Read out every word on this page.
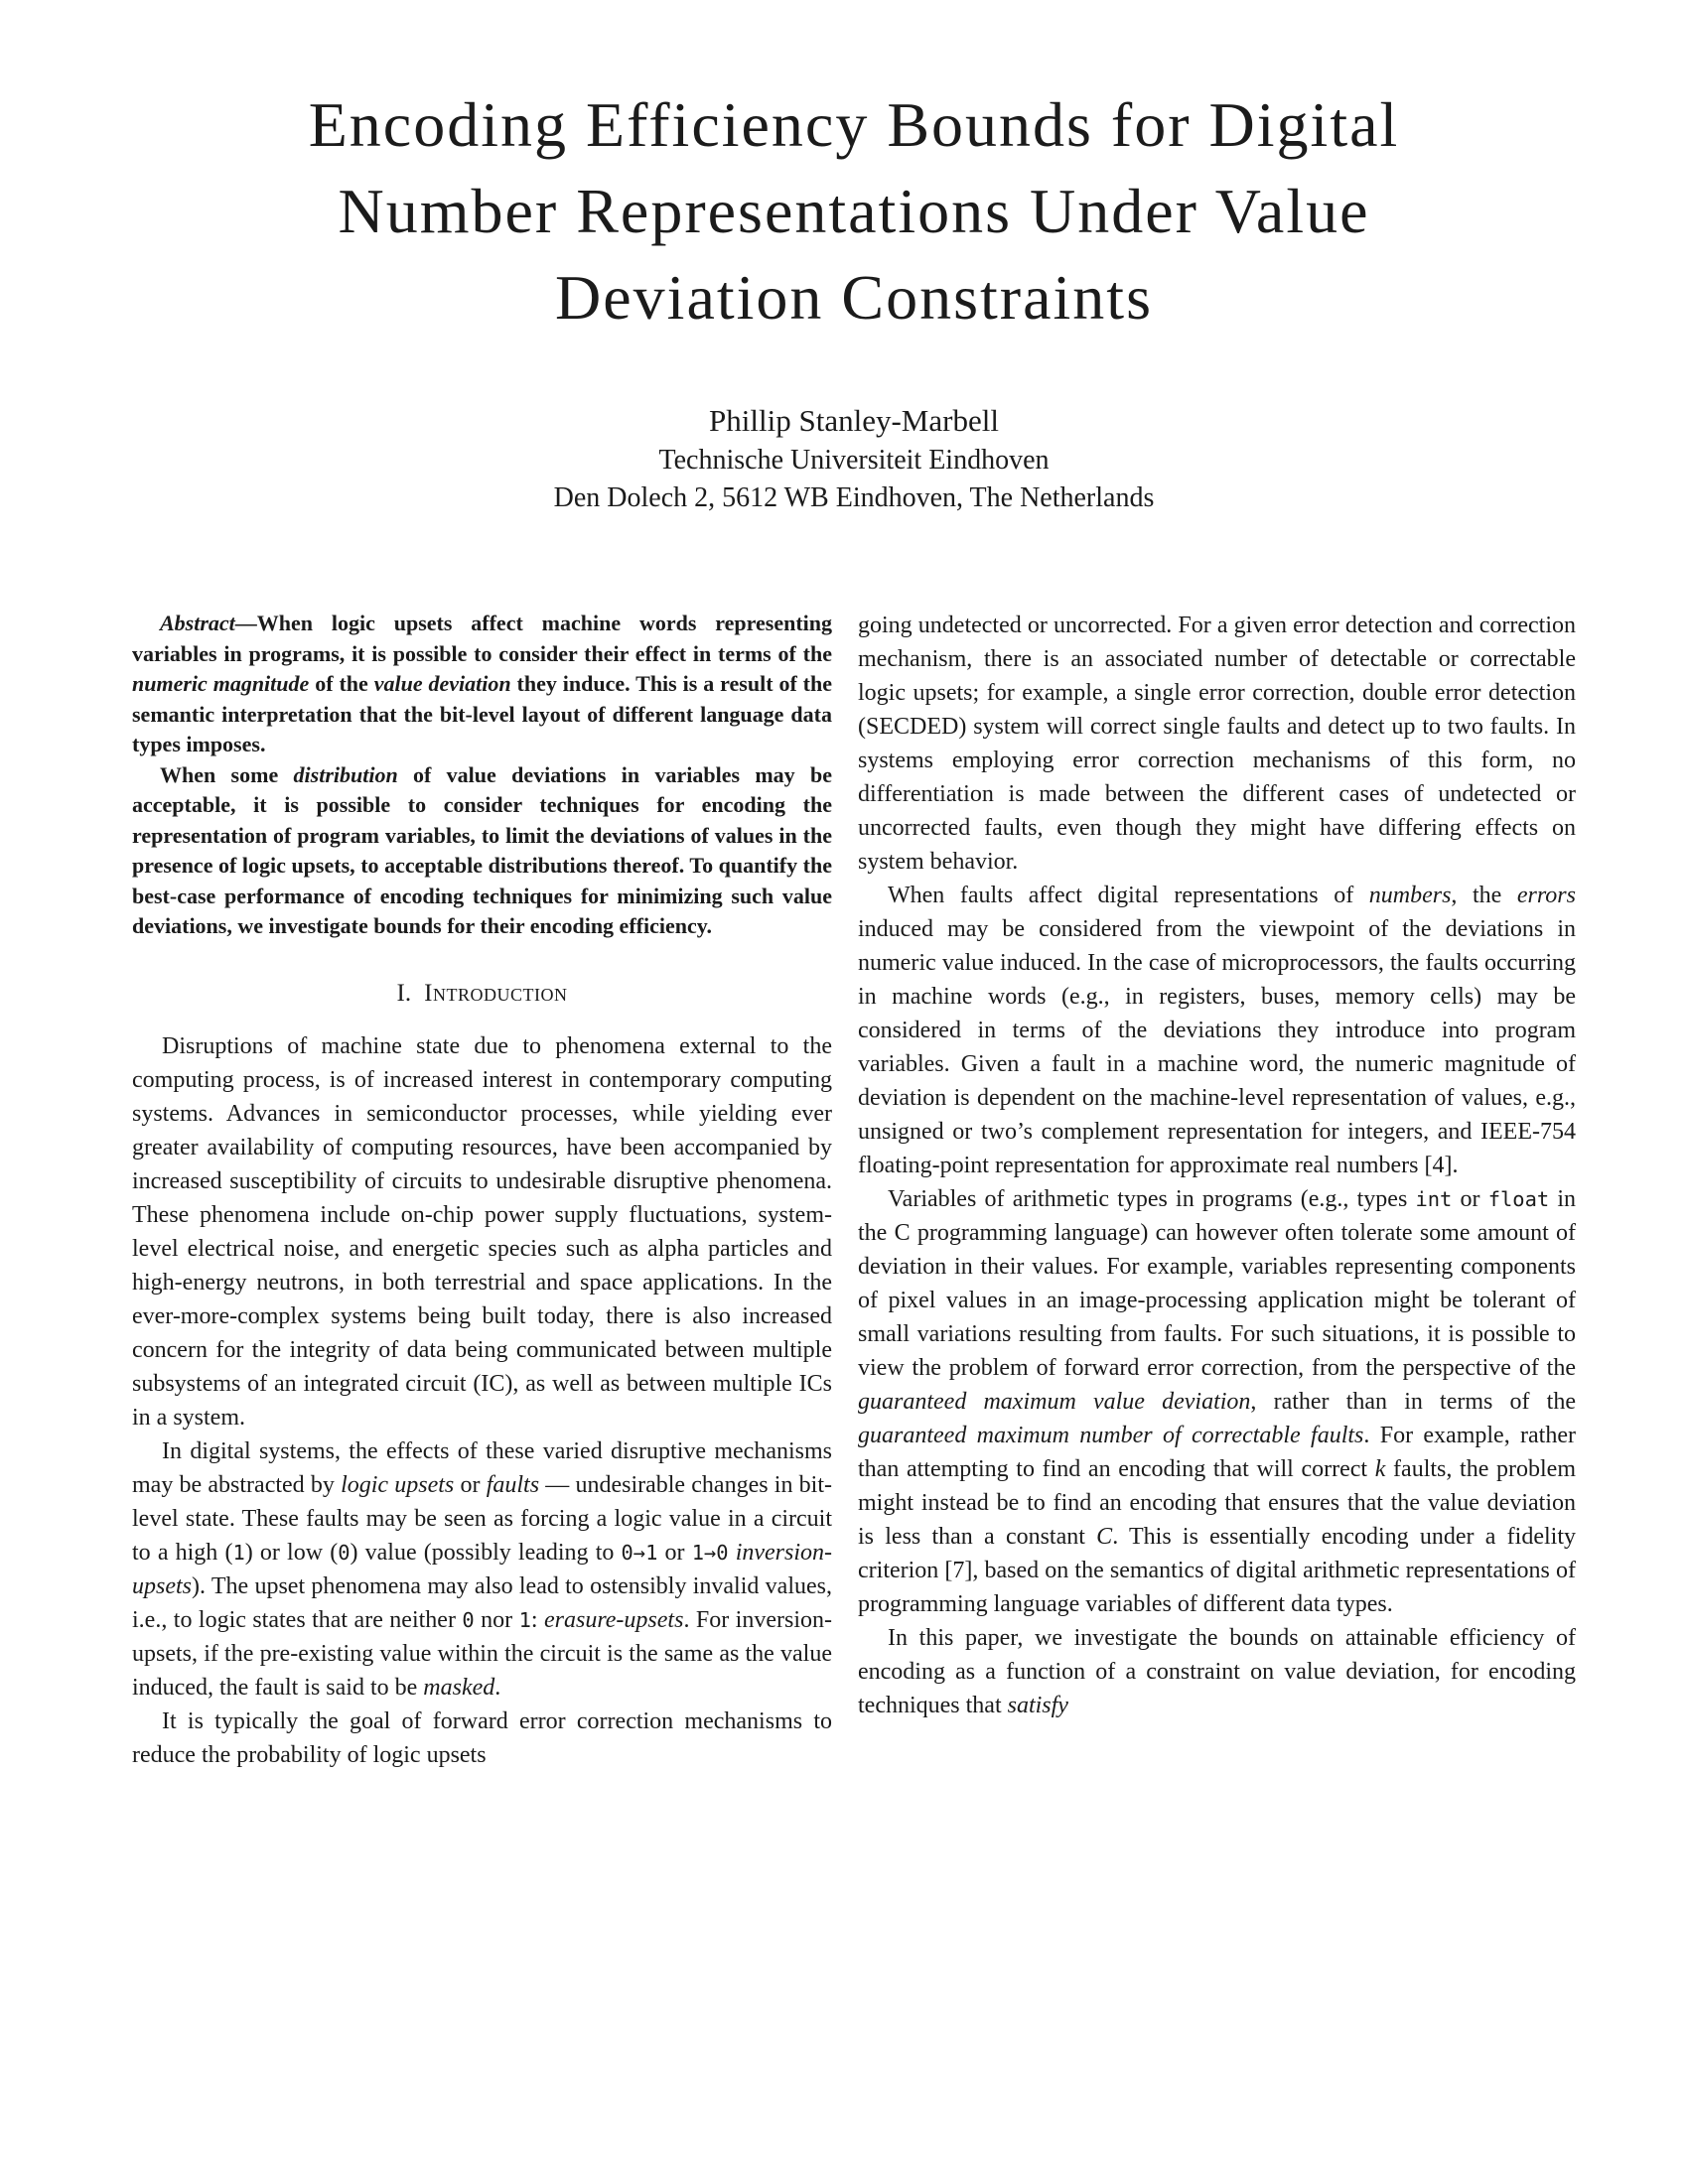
Encoding Efficiency Bounds for Digital
Number Representations Under Value
Deviation Constraints
Phillip Stanley-Marbell
Technische Universiteit Eindhoven
Den Dolech 2, 5612 WB Eindhoven, The Netherlands

Abstract—When logic upsets affect machine words representing variables in programs, it is possible to consider their effect in terms of the numeric magnitude of the value deviation they induce. This is a result of the semantic interpretation that the bit-level layout of different language data types imposes.

When some distribution of value deviations in variables may be acceptable, it is possible to consider techniques for encoding the representation of program variables, to limit the deviations of values in the presence of logic upsets, to acceptable distributions thereof. To quantify the best-case performance of encoding techniques for minimizing such value deviations, we investigate bounds for their encoding efficiency.

I. Introduction

Disruptions of machine state due to phenomena external to the computing process, is of increased interest in contemporary computing systems. Advances in semiconductor processes, while yielding ever greater availability of computing resources, have been accompanied by increased susceptibility of circuits to undesirable disruptive phenomena. These phenomena include on-chip power supply fluctuations, system-level electrical noise, and energetic species such as alpha particles and high-energy neutrons, in both terrestrial and space applications. In the ever-more-complex systems being built today, there is also increased concern for the integrity of data being communicated between multiple subsystems of an integrated circuit (IC), as well as between multiple ICs in a system.

In digital systems, the effects of these varied disruptive mechanisms may be abstracted by logic upsets or faults — undesirable changes in bit-level state. These faults may be seen as forcing a logic value in a circuit to a high (1) or low (0) value (possibly leading to 0→1 or 1→0 inversion-upsets). The upset phenomena may also lead to ostensibly invalid values, i.e., to logic states that are neither 0 nor 1: erasure-upsets. For inversion-upsets, if the pre-existing value within the circuit is the same as the value induced, the fault is said to be masked.

It is typically the goal of forward error correction mechanisms to reduce the probability of logic upsets

going undetected or uncorrected. For a given error detection and correction mechanism, there is an associated number of detectable or correctable logic upsets; for example, a single error correction, double error detection (SECDED) system will correct single faults and detect up to two faults. In systems employing error correction mechanisms of this form, no differentiation is made between the different cases of undetected or uncorrected faults, even though they might have differing effects on system behavior.

When faults affect digital representations of numbers, the errors induced may be considered from the viewpoint of the deviations in numeric value induced. In the case of microprocessors, the faults occurring in machine words (e.g., in registers, buses, memory cells) may be considered in terms of the deviations they introduce into program variables. Given a fault in a machine word, the numeric magnitude of deviation is dependent on the machine-level representation of values, e.g., unsigned or two’s complement representation for integers, and IEEE-754 floating-point representation for approximate real numbers [4].

Variables of arithmetic types in programs (e.g., types int or float in the C programming language) can however often tolerate some amount of deviation in their values. For example, variables representing components of pixel values in an image-processing application might be tolerant of small variations resulting from faults. For such situations, it is possible to view the problem of forward error correction, from the perspective of the guaranteed maximum value deviation, rather than in terms of the guaranteed maximum number of correctable faults. For example, rather than attempting to find an encoding that will correct k faults, the problem might instead be to find an encoding that ensures that the value deviation is less than a constant C. This is essentially encoding under a fidelity criterion [7], based on the semantics of digital arithmetic representations of programming language variables of different data types.

In this paper, we investigate the bounds on attainable efficiency of encoding as a function of a constraint on value deviation, for encoding techniques that satisfy
